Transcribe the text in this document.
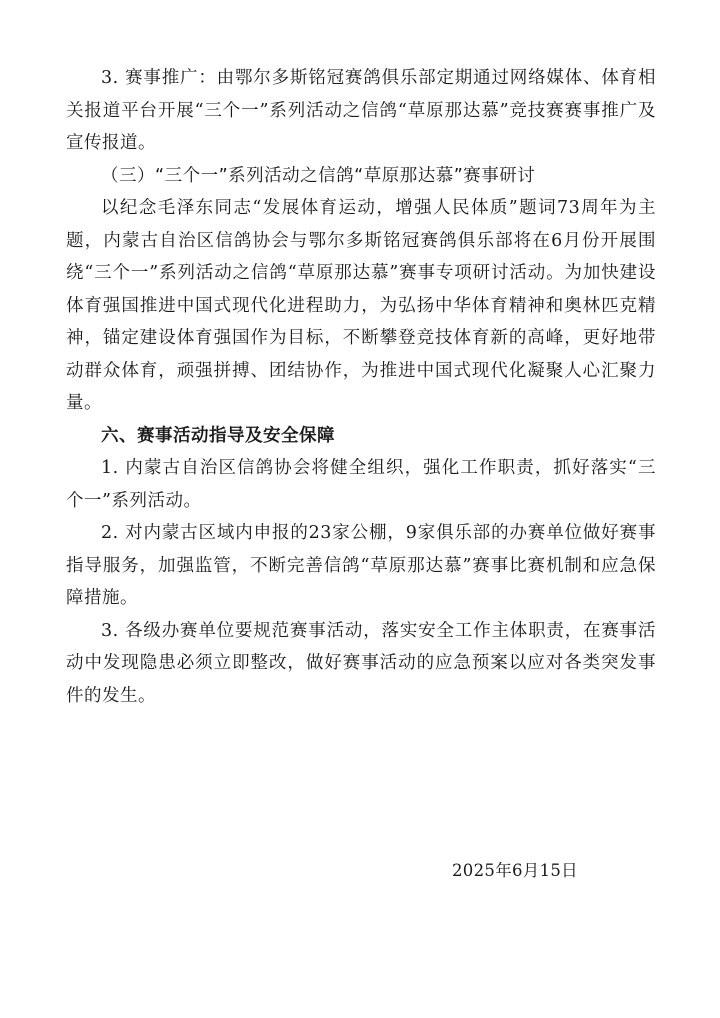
3. 赛事推广：由鄂尔多斯铭冠赛鸽俱乐部定期通过网络媒体、体育相关报道平台开展“三个一”系列活动之信鸽“草原那达慕”竞技赛赛事推广及宣传报道。

（三）“三个一”系列活动之信鸽“草原那达慕”赛事研讨

以纪念毛泽东同志“发展体育运动，增强人民体质”题词73周年为主题，内蒙古自治区信鸽协会与鄂尔多斯铭冠赛鸽俱乐部将在6月份开展围绕“三个一”系列活动之信鸽“草原那达慕”赛事专项研讨活动。为加快建设体育强国推进中国式现代化进程助力，为弘扬中华体育精神和奥林匹克精神，锚定建设体育强国作为目标，不断攀登竞技体育新的高峰，更好地带动群众体育，顽强拼搏、团结协作，为推进中国式现代化凝聚人心汇聚力量。

六、赛事活动指导及安全保障

1. 内蒙古自治区信鸽协会将健全组织，强化工作职责，抓好落实“三个一”系列活动。

2. 对内蒙古区域内申报的23家公棚，9家俱乐部的办赛单位做好赛事指导服务，加强监管，不断完善信鸽“草原那达慕”赛事比赛机制和应急保障措施。

3. 各级办赛单位要规范赛事活动，落实安全工作主体职责，在赛事活动中发现隐患必须立即整改，做好赛事活动的应急预案以应对各类突发事件的发生。

2025年6月15日
